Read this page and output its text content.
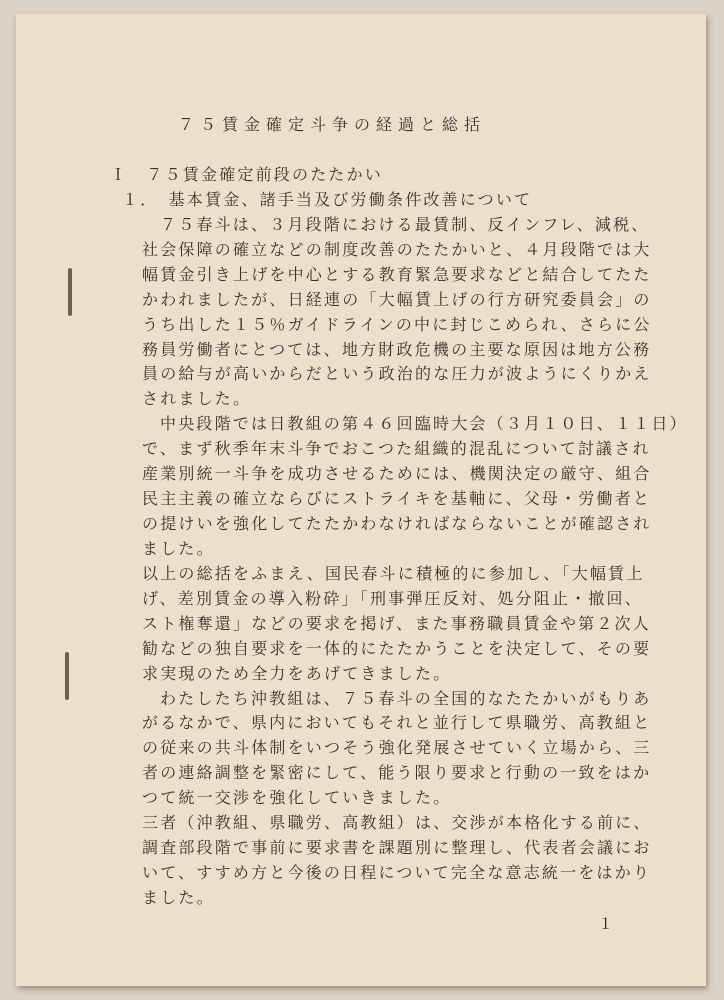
７５賃金確定斗争の経過と総括
Ｉ　７５賃金確定前段のたたかい
１．　基本賃金、諸手当及び労働条件改善について
７５春斗は、３月段階における最賃制、反インフレ、減税、
社会保障の確立などの制度改善のたたかいと、４月段階では大
幅賃金引き上げを中心とする教育緊急要求などと結合してたた
かわれましたが、日経連の「大幅賃上げの行方研究委員会」の
うち出した１５％ガイドラインの中に封じこめられ、さらに公
務員労働者にとつては、地方財政危機の主要な原因は地方公務
員の給与が高いからだという政治的な圧力が波ようにくりかえ
されました。
中央段階では日教組の第４６回臨時大会（３月１０日、１１日）
で、まず秋季年末斗争でおこつた組織的混乱について討議され
産業別統一斗争を成功させるためには、機関決定の厳守、組合
民主主義の確立ならびにストライキを基軸に、父母・労働者と
の提けいを強化してたたかわなければならないことが確認され
ました。
以上の総括をふまえ、国民春斗に積極的に参加し、「大幅賃上
げ、差別賃金の導入粉砕」「刑事弾圧反対、処分阻止・撤回、
スト権奪還」などの要求を掲げ、また事務職員賃金や第２次人
勧などの独自要求を一体的にたたかうことを決定して、その要
求実現のため全力をあげてきました。
わたしたち沖教組は、７５春斗の全国的なたたかいがもりあ
がるなかで、県内においてもそれと並行して県職労、高教組と
の従来の共斗体制をいつそう強化発展させていく立場から、三
者の連絡調整を緊密にして、能う限り要求と行動の一致をはか
つて統一交渉を強化していきました。
三者（沖教組、県職労、高教組）は、交渉が本格化する前に、
調査部段階で事前に要求書を課題別に整理し、代表者会議にお
いて、すすめ方と今後の日程について完全な意志統一をはかり
ました。
１
